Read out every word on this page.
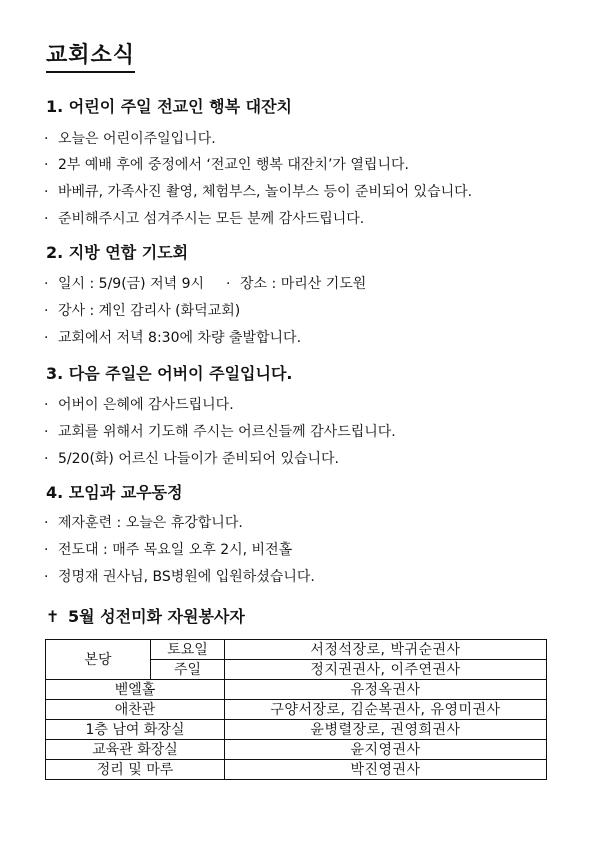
교회소식
1. 어린이 주일 전교인 행복 대잔치
· 오늘은 어린이주일입니다.
· 2부 예배 후에 중정에서 ‘전교인 행복 대잔치’가 열립니다.
· 바베큐, 가족사진 촬영, 체험부스, 놀이부스 등이 준비되어 있습니다.
· 준비해주시고 섬겨주시는 모든 분께 감사드립니다.
2. 지방 연합 기도회
· 일시 : 5/9(금) 저녁 9시 · 장소 : 마리산 기도원
· 강사 : 계인 감리사 (화덕교회)
· 교회에서 저녁 8:30에 차량 출발합니다.
3. 다음 주일은 어버이 주일입니다.
· 어버이 은혜에 감사드립니다.
· 교회를 위해서 기도해 주시는 어르신들께 감사드립니다.
· 5/20(화) 어르신 나들이가 준비되어 있습니다.
4. 모임과 교우동정
· 제자훈련 : 오늘은 휴강합니다.
· 전도대 : 매주 목요일 오후 2시, 비전홀
· 정명재 권사님, BS병원에 입원하셨습니다.
✝ 5월 성전미화 자원봉사자
본당	토요일	서정석장로, 박귀순권사
	주일	정지권권사, 이주연권사
벧엘홀		유정옥권사
애찬관		구양서장로, 김순복권사, 유영미권사
1층 남여 화장실		윤병렬장로, 권영희권사
교육관 화장실		윤지영권사
정리 및 마루		박진영권사
